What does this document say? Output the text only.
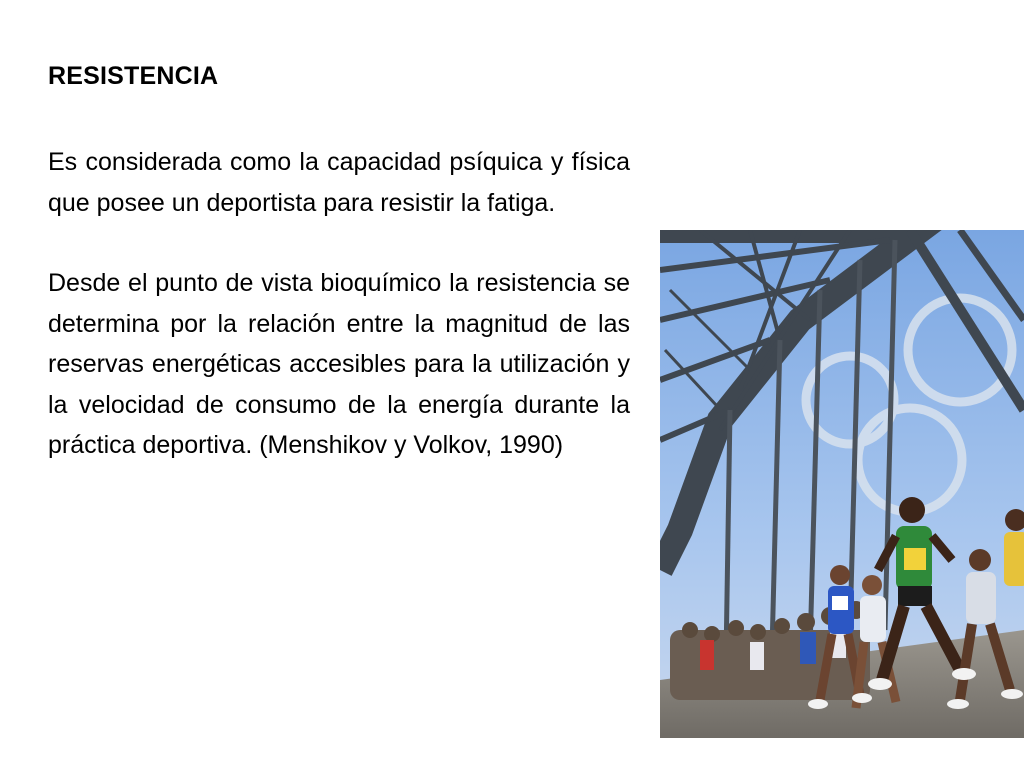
RESISTENCIA

Es considerada como la capacidad psíquica y física que posee un deportista para resistir la fatiga.

Desde el punto de vista bioquímico la resistencia se determina por la relación entre la magnitud de las reservas energéticas accesibles para la utilización y la velocidad de consumo de la energía durante la práctica deportiva. (Menshikov y Volkov, 1990)
